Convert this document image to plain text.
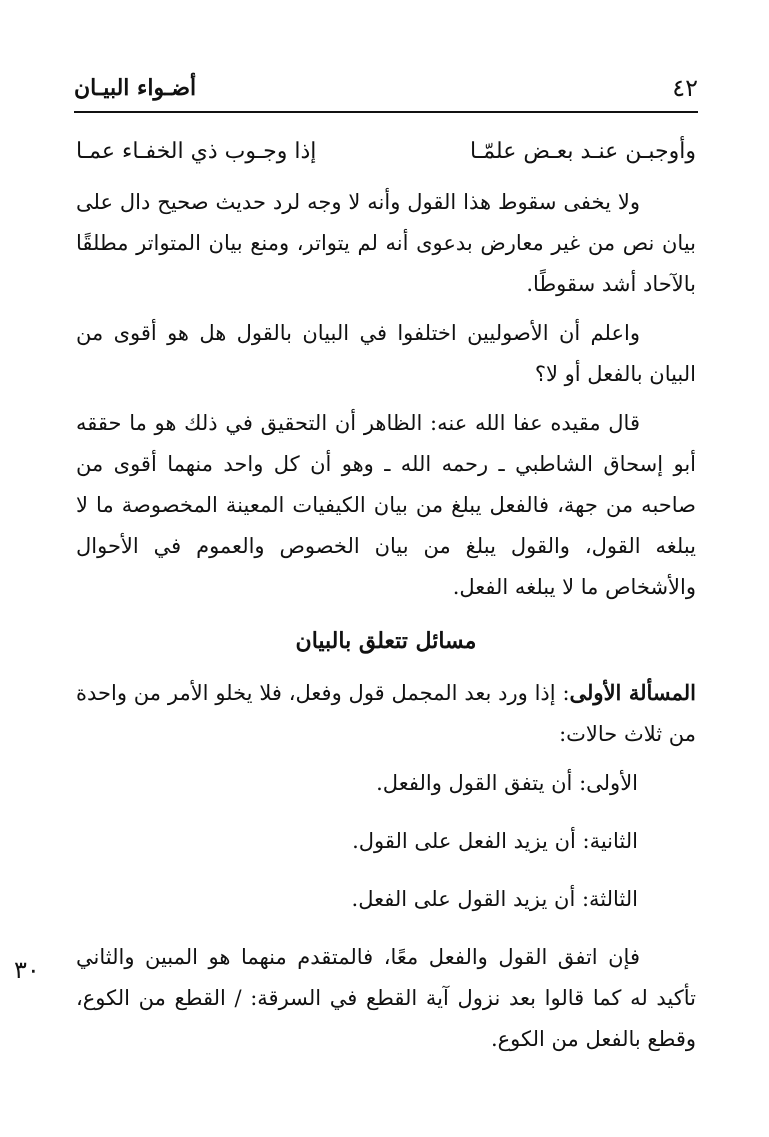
٤٢
أضـواء البيـان
وأوجبـن عنـد بعـض علمّـا
إذا وجـوب ذي الخفـاء عمـا

ولا يخفى سقوط هذا القول وأنه لا وجه لرد حديث صحيح دال على بيان نص من غير معارض بدعوى أنه لم يتواتر، ومنع بيان المتواتر مطلقًا بالآحاد أشد سقوطًا.

واعلم أن الأصوليين اختلفوا في البيان بالقول هل هو أقوى من البيان بالفعل أو لا؟

قال مقيده عفا الله عنه: الظاهر أن التحقيق في ذلك هو ما حققه أبو إسحاق الشاطبي ـ رحمه الله ـ وهو أن كل واحد منهما أقوى من صاحبه من جهة، فالفعل يبلغ من بيان الكيفيات المعينة المخصوصة ما لا يبلغه القول، والقول يبلغ من بيان الخصوص والعموم في الأحوال والأشخاص ما لا يبلغه الفعل.

مسائل تتعلق بالبيان

المسألة الأولى: إذا ورد بعد المجمل قول وفعل، فلا يخلو الأمر من واحدة من ثلاث حالات:

الأولى: أن يتفق القول والفعل.

الثانية: أن يزيد الفعل على القول.

الثالثة: أن يزيد القول على الفعل.

فإن اتفق القول والفعل معًا، فالمتقدم منهما هو المبين والثاني تأكيد له كما قالوا بعد نزول آية القطع في السرقة: / القطع من الكوع، وقطع بالفعل من الكوع.

٣٠
